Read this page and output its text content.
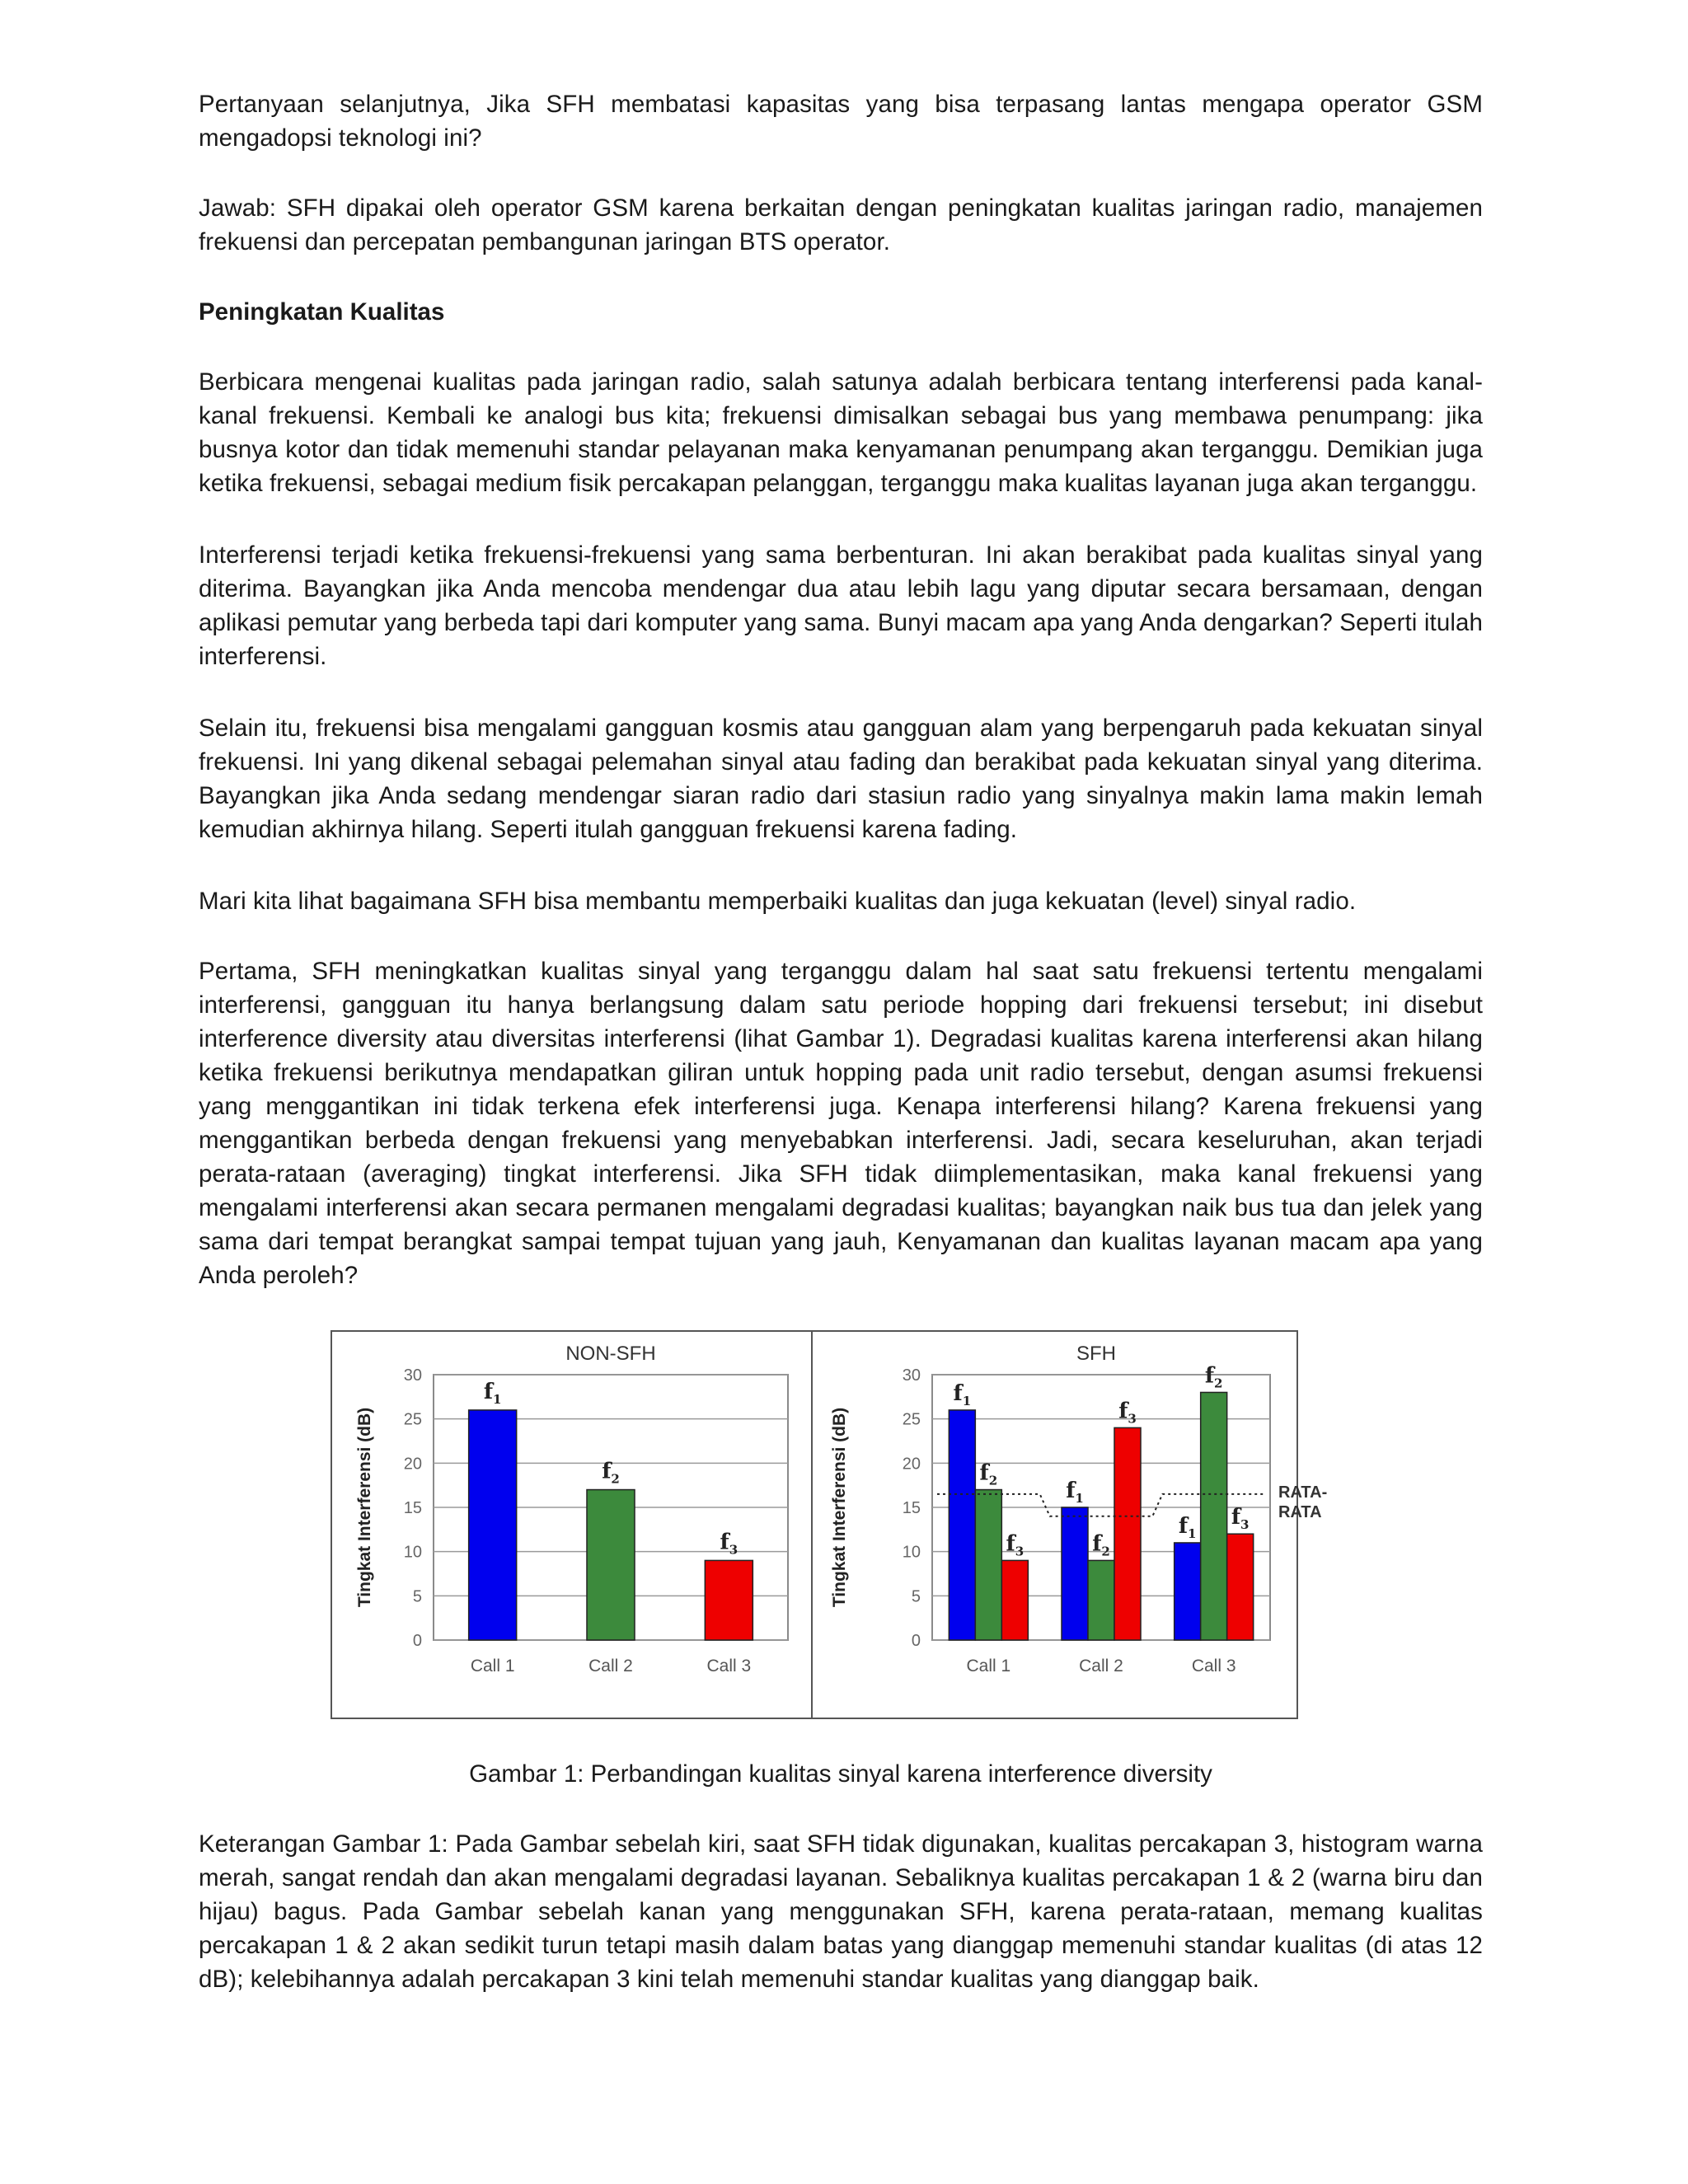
Pertanyaan selanjutnya, Jika SFH membatasi kapasitas yang bisa terpasang lantas mengapa operator GSM mengadopsi teknologi ini?

Jawab: SFH dipakai oleh operator GSM karena berkaitan dengan peningkatan kualitas jaringan radio, manajemen frekuensi dan percepatan pembangunan jaringan BTS operator.

Peningkatan Kualitas

Berbicara mengenai kualitas pada jaringan radio, salah satunya adalah berbicara tentang interferensi pada kanal-kanal frekuensi. Kembali ke analogi bus kita; frekuensi dimisalkan sebagai bus yang membawa penumpang: jika busnya kotor dan tidak memenuhi standar pelayanan maka kenyamanan penumpang akan terganggu. Demikian juga ketika frekuensi, sebagai medium fisik percakapan pelanggan, terganggu maka kualitas layanan juga akan terganggu.

Interferensi terjadi ketika frekuensi-frekuensi yang sama berbenturan. Ini akan berakibat pada kualitas sinyal yang diterima. Bayangkan jika Anda mencoba mendengar dua atau lebih lagu yang diputar secara bersamaan, dengan aplikasi pemutar yang berbeda tapi dari komputer yang sama. Bunyi macam apa yang Anda dengarkan? Seperti itulah interferensi.

Selain itu, frekuensi bisa mengalami gangguan kosmis atau gangguan alam yang berpengaruh pada kekuatan sinyal frekuensi. Ini yang dikenal sebagai pelemahan sinyal atau fading dan berakibat pada kekuatan sinyal yang diterima. Bayangkan jika Anda sedang mendengar siaran radio dari stasiun radio yang sinyalnya makin lama makin lemah kemudian akhirnya hilang. Seperti itulah gangguan frekuensi karena fading.

Mari kita lihat bagaimana SFH bisa membantu memperbaiki kualitas dan juga kekuatan (level) sinyal radio.

Pertama, SFH meningkatkan kualitas sinyal yang terganggu dalam hal saat satu frekuensi tertentu mengalami interferensi, gangguan itu hanya berlangsung dalam satu periode hopping dari frekuensi tersebut; ini disebut interference diversity atau diversitas interferensi (lihat Gambar 1). Degradasi kualitas karena interferensi akan hilang ketika frekuensi berikutnya mendapatkan giliran untuk hopping pada unit radio tersebut, dengan asumsi frekuensi yang menggantikan ini tidak terkena efek interferensi juga. Kenapa interferensi hilang? Karena frekuensi yang menggantikan berbeda dengan frekuensi yang menyebabkan interferensi. Jadi, secara keseluruhan, akan terjadi perata-rataan (averaging) tingkat interferensi. Jika SFH tidak diimplementasikan, maka kanal frekuensi yang mengalami interferensi akan secara permanen mengalami degradasi kualitas; bayangkan naik bus tua dan jelek yang sama dari tempat berangkat sampai tempat tujuan yang jauh, Kenyamanan dan kualitas layanan macam apa yang Anda peroleh?

0
5
10
15
20
25
30
NON-SFH
Tingkat Interferensi (dB)
Call 1	Call 2	Call 3
$f_1$
$f_2$
$f_3$
0
5
10
15
20
25
30
SFH
Tingkat Interferensi (dB)
Call 1	Call 2	Call 3
$f_1$
$f_2$
$f_3$
$f_1$
$f_2$
$f_3$
$f_1$
$f_2$
$f_3$
RATA-
RATA

Gambar 1: Perbandingan kualitas sinyal karena interference diversity

Keterangan Gambar 1: Pada Gambar sebelah kiri, saat SFH tidak digunakan, kualitas percakapan 3, histogram warna merah, sangat rendah dan akan mengalami degradasi layanan. Sebaliknya kualitas percakapan 1 & 2 (warna biru dan hijau) bagus. Pada Gambar sebelah kanan yang menggunakan SFH, karena perata-rataan, memang kualitas percakapan 1 & 2 akan sedikit turun tetapi masih dalam batas yang dianggap memenuhi standar kualitas (di atas 12 dB); kelebihannya adalah percakapan 3 kini telah memenuhi standar kualitas yang dianggap baik.
